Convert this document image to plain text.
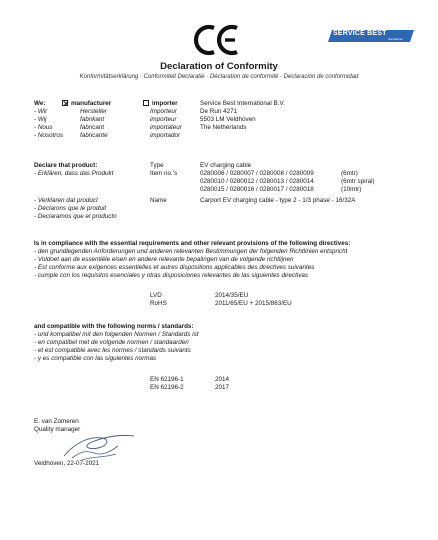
SERVICE BEST
International
Declaration of Conformity
Konformitätserklärung · Conformiteit Declaratie · Déclaration de conformité · Declaración de conformidad
We:	manufacturer	importer
- Wir	Hersteller	Importeur
- Wij	fabrikant	importeur
- Nous	fabricant	importateur
- Nosotros	fabricante	importador
Service Best International B.V.
De Run 4271
5503 LM Veldhoven
The Netherlands
Declare that product:
- Erklären, dass das Produkt
Type	EV charging cable
Item no.'s	0280006 / 0280007 / 0280008 / 0280009	(6mtr)
0280010 / 0280012 / 0280013 / 0280014	(6mtr spiral)
0280015 / 0280016 / 0280017 / 0280018	(10mtr)
- Verklaren dat product
- Déclarons que le produit
- Declaramos que el producto
Name	Carport EV charging cable - type 2 - 1/3 phase - 16/32A
Is in compliance with the essential requirements and other relevant provisions of the following directives:
- den grundlegenden Anforderungen und anderen relevanten Bestimmungen der folgenden Richtlinien entspricht
- Voldoet aan de essentiële eisen en andere relevante bepalingen van de volgende richtlijnen
- Est conforme aux exigences essentielles et autres dispositions applicables des directives suivantes
- cumple con los requisitos esenciales y otras disposiciones relevantes de las siguientes directivas
LVD	2014/35/EU
RoHS	2011/65/EU + 2015/863/EU
and compatible with the following norms / standards:
- und kompatibel mit den folgenden Normen / Standards ist
- en compatibel met de volgende normen / standaarden
- et est compatible avec les normes / standards suivants
- y es compatible con las siguientes normas
EN 62196-1	2014
EN 62196-2	2017
E. van Zomeren
Quality manager
Veldhoven, 22-07-2021
